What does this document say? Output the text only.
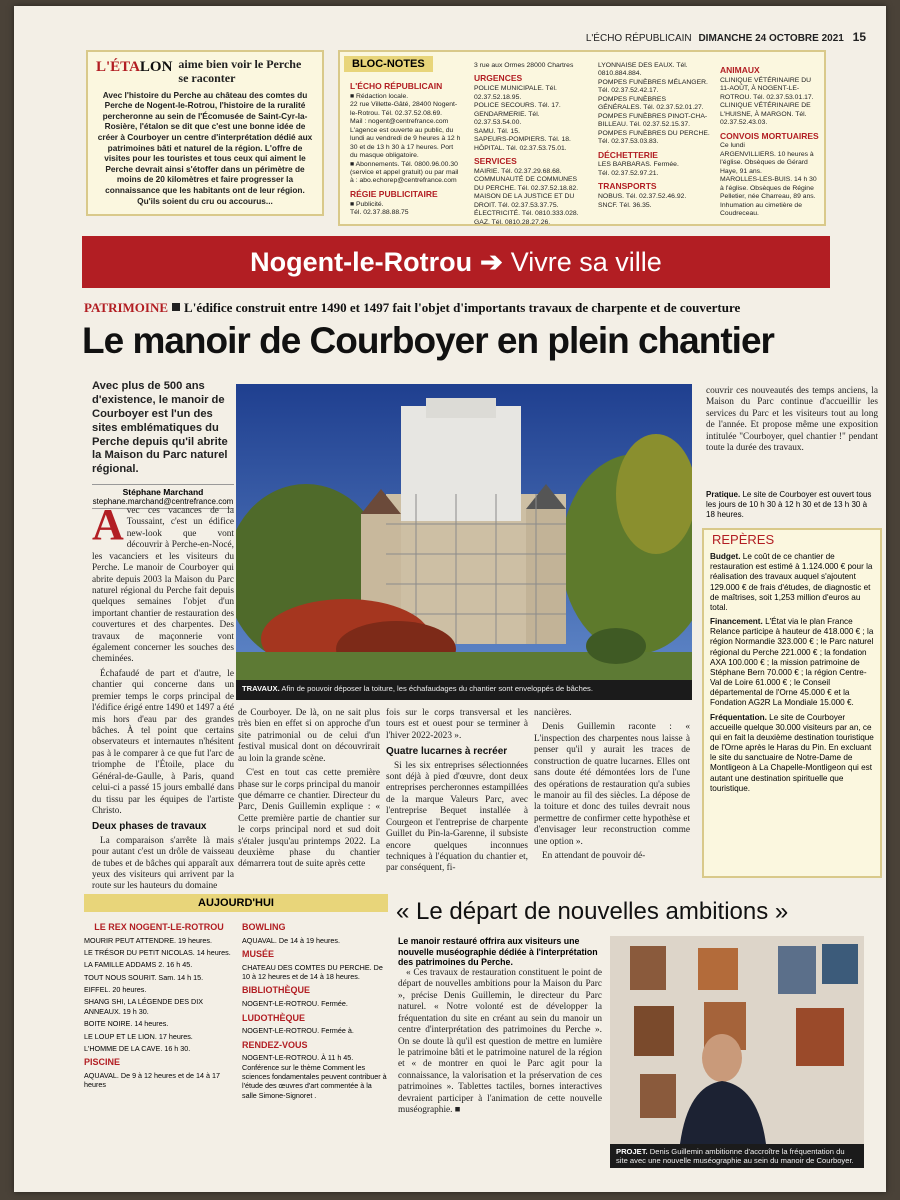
L'ÉCHO RÉPUBLICAIN DIMANCHE 24 OCTOBRE 2021 15
L'ÉTALON aime bien voir le Perche se raconter

Avec l'histoire du Perche au château des comtes du Perche de Nogent-le-Rotrou, l'histoire de la ruralité percheronne au sein de l'Écomusée de Saint-Cyr-la-Rosière, l'étalon se dit que c'est une bonne idée de créer à Courboyer un centre d'interprétation dédié aux patrimoines bâti et naturel de la région. L'offre de visites pour les touristes et tous ceux qui aiment le Perche devrait ainsi s'étoffer dans un périmètre de moins de 20 kilomètres et faire progresser la connaissance que les habitants ont de leur région. Qu'ils soient du cru ou accourus...

BLOC-NOTES
L'ÉCHO RÉPUBLICAIN

■ Rédaction locale.

22 rue Villette-Gâté, 28400 Nogent-le-Rotrou. Tél. 02.37.52.08.69.

Mail : nogent@centrefrance.com

L'agence est ouverte au public, du lundi au vendredi de 9 heures à 12 h 30 et de 13 h 30 à 17 heures. Port du masque obligatoire.

■ Abonnements. Tél. 0800.96.00.30 (service et appel gratuit) ou par mail à : abo.echorep@centrefrance.com

RÉGIE PUBLICITAIRE

■ Publicité.

Tél. 02.37.88.88.75

3 rue aux Ormes 28000 Chartres

URGENCES

POLICE MUNICIPALE. Tél. 02.37.52.18.95.

POLICE SECOURS. Tél. 17.

GENDARMERIE. Tél. 02.37.53.54.00.

SAMU. Tél. 15.

SAPEURS-POMPIERS. Tél. 18.

HÔPITAL. Tél. 02.37.53.75.01.

SERVICES

MAIRIE. Tél. 02.37.29.68.68.

COMMUNAUTÉ DE COMMUNES DU PERCHE. Tél. 02.37.52.18.82.

MAISON DE LA JUSTICE ET DU DROIT. Tél. 02.37.53.37.75.

ÉLECTRICITÉ. Tél. 0810.333.028.

GAZ. Tél. 0810.28.27.26.

LYONNAISE DES EAUX. Tél. 0810.884.884.

POMPES FUNÈBRES MÉLANGER. Tél. 02.37.52.42.17.

POMPES FUNÈBRES GÉNÉRALES. Tél. 02.37.52.01.27.

POMPES FUNÈBRES PINOT-CHA-BILLEAU. Tél. 02.37.52.15.37.

POMPES FUNÈBRES DU PERCHE. Tél. 02.37.53.03.83.

DÉCHETTERIE

LES BARBARAS. Fermée.

Tél. 02.37.52.97.21.

TRANSPORTS

NOBUS. Tél. 02.37.52.46.92.

SNCF. Tél. 36.35.

ANIMAUX

CLINIQUE VÉTÉRINAIRE DU 11-AOÛT, À NOGENT-LE-ROTROU. Tél. 02.37.53.01.17.

CLINIQUE VÉTÉRINAIRE DE L'HUISNE, À MARGON. Tél. 02.37.52.43.03.

CONVOIS MORTUAIRES

Ce lundi

ARGENVILLIERS. 10 heures à l'église. Obsèques de Gérard Haye, 91 ans.

MAROLLES-LES-BUIS. 14 h 30 à l'église. Obsèques de Régine Pelletier, née Charreau, 89 ans. Inhumation au cimetière de Coudreceau.

Nogent-le-Rotrou ➔ Vivre sa ville
PATRIMOINE L'édifice construit entre 1490 et 1497 fait l'objet d'importants travaux de charpente et de couverture
Le manoir de Courboyer en plein chantier
Avec plus de 500 ans d'existence, le manoir de Courboyer est l'un des sites emblématiques du Perche depuis qu'il abrite la Maison du Parc naturel régional.
Stéphane Marchand
stephane.marchand@centrefrance.com
TRAVAUX. Afin de pouvoir déposer la toiture, les échafaudages du chantier sont enveloppés de bâches.
A vec ces vacances de la Toussaint, c'est un édifice new-look que vont découvrir à Perche-en-Nocé, les vacanciers et les visiteurs du Perche. Le manoir de Courboyer qui abrite depuis 2003 la Maison du Parc naturel régional du Perche fait depuis quelques semaines l'objet d'un important chantier de restauration des couvertures et des charpentes. Des travaux de maçonnerie vont également concerner les souches des cheminées.

Échafaudé de part et d'autre, le chantier qui concerne dans un premier temps le corps principal de l'édifice érigé entre 1490 et 1497 a été mis hors d'eau par des grandes bâches. À tel point que certains observateurs et internautes n'hésitent pas à le comparer à ce que fut l'arc de triomphe de l'Étoile, place du Général-de-Gaulle, à Paris, quand celui-ci a passé 15 jours emballé dans du tissu par les équipes de l'artiste Christo.

Deux phases de travaux

La comparaison s'arrête là mais pour autant c'est un drôle de vaisseau de tubes et de bâches qui apparaît aux yeux des visiteurs qui arrivent par la route sur les hauteurs du domaine

de Courboyer. De là, on ne sait plus très bien en effet si on approche d'un site patrimonial ou de celui d'un festival musical dont on découvrirait au loin la grande scène.

C'est en tout cas cette première phase sur le corps principal du manoir que démarre ce chantier. Directeur du Parc, Denis Guillemin explique : « Cette première partie de chantier sur le corps principal nord et sud doit s'étaler jusqu'au printemps 2022. La deuxième phase du chantier démarrera tout de suite après cette

fois sur le corps transversal et les tours est et ouest pour se terminer à l'hiver 2022-2023 ».

Quatre lucarnes à recréer

Si les six entreprises sélectionnées sont déjà à pied d'œuvre, dont deux entreprises percheronnes estampillées de la marque Valeurs Parc, avec l'entreprise Bequet installée à Courgeon et l'entreprise de charpente Guillet du Pin-la-Garenne, il subsiste encore quelques inconnues techniques à l'équation du chantier et, par conséquent, fi-

nancières.

Denis Guillemin raconte : « L'inspection des charpentes nous laisse à penser qu'il y aurait les traces de construction de quatre lucarnes. Elles ont sans doute été démontées lors de l'une des opérations de restauration qu'a subies le manoir au fil des siècles. La dépose de la toiture et donc des tuiles devrait nous permettre de confirmer cette hypothèse et d'envisager leur reconstruction comme une option ».

En attendant de pouvoir dé-

couvrir ces nouveautés des temps anciens, la Maison du Parc continue d'accueillir les services du Parc et les visiteurs tout au long de l'année. Et propose même une exposition intitulée "Courboyer, quel chantier !" pendant toute la durée des travaux.

Pratique. Le site de Courboyer est ouvert tous les jours de 10 h 30 à 12 h 30 et de 13 h 30 à 18 heures.
REPÈRES

Budget. Le coût de ce chantier de restauration est estimé à 1.124.000 € pour la réalisation des travaux auquel s'ajoutent 129.000 € de frais d'études, de diagnostic et de maîtrises, soit 1,253 million d'euros au total.

Financement. L'État via le plan France Relance participe à hauteur de 418.000 € ; la région Normandie 323.000 € ; le Parc naturel régional du Perche 221.000 € ; la fondation AXA 100.000 € ; la mission patrimoine de Stéphane Bern 70.000 € ; la région Centre-Val de Loire 61.000 € ; le Conseil départemental de l'Orne 45.000 € et la Fondation AG2R La Mondiale 15.000 €.

Fréquentation. Le site de Courboyer accueille quelque 30.000 visiteurs par an, ce qui en fait la deuxième destination touristique de l'Orne après le Haras du Pin. En excluant le site du sanctuaire de Notre-Dame de Montligeon à La Chapelle-Montligeon qui est autant une destination spirituelle que touristique.

AUJOURD'HUI
LE REX NOGENT-LE-ROTROU

MOURIR PEUT ATTENDRE. 19 heures.

LE TRÉSOR DU PETIT NICOLAS. 14 heures.

LA FAMILLE ADDAMS 2. 16 h 45.

TOUT NOUS SOURIT. Sam. 14 h 15.

EIFFEL. 20 heures.

SHANG SHI, LA LÉGENDE DES DIX ANNEAUX. 19 h 30.

BOITE NOIRE. 14 heures.

LE LOUP ET LE LION. 17 heures.

L'HOMME DE LA CAVE. 16 h 30.

PISCINE

AQUAVAL. De 9 à 12 heures et de 14 à 17 heures

BOWLING

AQUAVAL. De 14 à 19 heures.

MUSÉE

CHATEAU DES COMTES DU PERCHE. De 10 à 12 heures et de 14 à 18 heures.

BIBLIOTHÈQUE

NOGENT-LE-ROTROU. Fermée.

LUDOTHÈQUE

NOGENT-LE-ROTROU. Fermée à.

RENDEZ-VOUS

NOGENT-LE-ROTROU. À 11 h 45. Conférence sur le thème Comment les sciences fondamentales peuvent contribuer à l'étude des œuvres d'art commentée à la salle Simone-Signoret .

« Le départ de nouvelles ambitions »
Le manoir restauré offrira aux visiteurs une nouvelle muséographie dédiée à l'interprétation des patrimoines du Perche.

« Ces travaux de restauration constituent le point de départ de nouvelles ambitions pour la Maison du Parc », précise Denis Guillemin, le directeur du Parc naturel. « Notre volonté est de développer la fréquentation du site en créant au sein du manoir un centre d'interprétation des patrimoines du Perche ». On se doute là qu'il est question de mettre en lumière le patrimoine bâti et le patrimoine naturel de la région et « de montrer en quoi le Parc agit pour la connaissance, la valorisation et la préservation de ces patrimoines ». Tablettes tactiles, bornes interactives devraient participer à l'animation de cette nouvelle muséographie. ■

PROJET. Denis Guillemin ambitionne d'accroître la fréquentation du site avec une nouvelle muséographie au sein du manoir de Courboyer.
